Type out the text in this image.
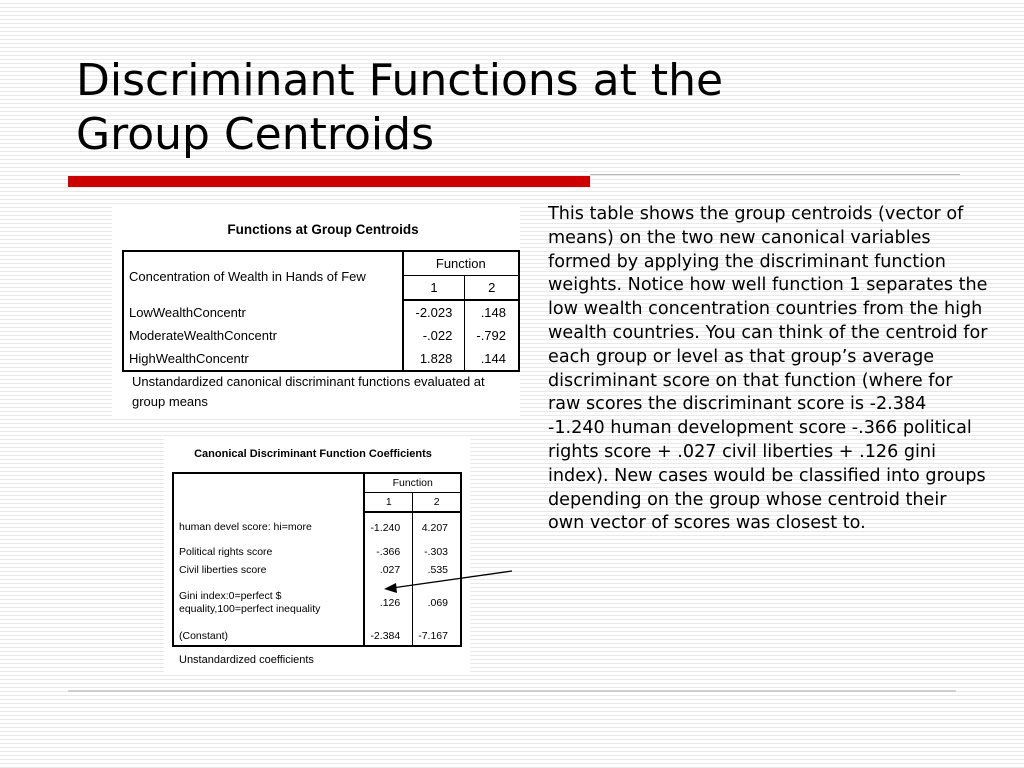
Discriminant Functions at the
Group Centroids
Functions at Group Centroids
Concentration of Wealth in Hands of Few	Function	
	1	2
LowWealthConcentr	-2.023	.148
ModerateWealthConcentr	-.022	-.792
HighWealthConcentr	1.828	.144
Unstandardized canonical discriminant functions evaluated at group means
Canonical Discriminant Function Coefficients
	Function	
	1	2
human devel score: hi=more	-1.240	4.207
Political rights score	-.366	-.303
Civil liberties score	.027	.535
Gini index:0=perfect $ equality,100=perfect inequality	.126	.069
(Constant)	-2.384	-7.167
Unstandardized coefficients

This table shows the group centroids (vector of means) on the two new canonical variables formed by applying the discriminant function weights. Notice how well function 1 separates the low wealth concentration countries from the high wealth countries. You can think of the centroid for each group or level as that group’s average discriminant score on that function (where for raw scores the discriminant score is -2.384 -1.240 human development score -.366 political rights score + .027 civil liberties + .126 gini index). New cases would be classified into groups depending on the group whose centroid their own vector of scores was closest to.
